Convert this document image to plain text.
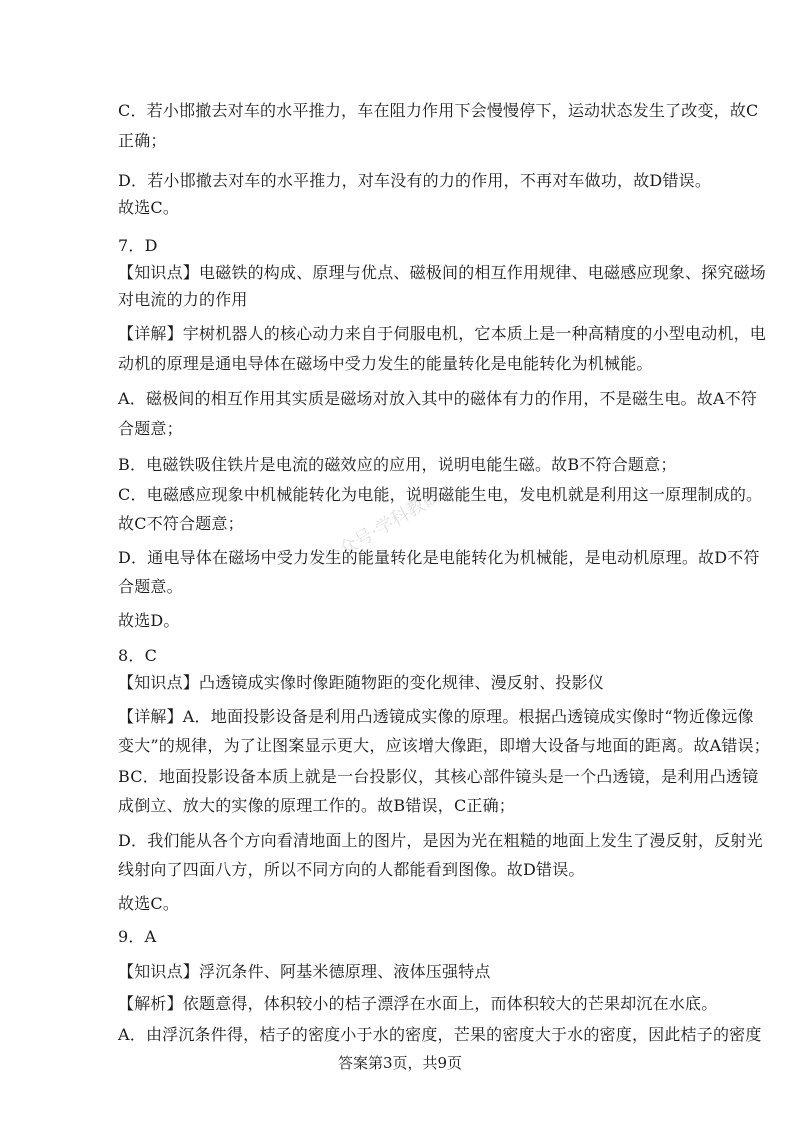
公众号·学科教研
C．若小邯撤去对车的水平推力，车在阻力作用下会慢慢停下，运动状态发生了改变，故C
正确；
D．若小邯撤去对车的水平推力，对车没有的力的作用，不再对车做功，故D错误。
故选C。
7．D
【知识点】电磁铁的构成、原理与优点、磁极间的相互作用规律、电磁感应现象、探究磁场
对电流的力的作用
【详解】宇树机器人的核心动力来自于伺服电机，它本质上是一种高精度的小型电动机，电
动机的原理是通电导体在磁场中受力发生的能量转化是电能转化为机械能。
A．磁极间的相互作用其实质是磁场对放入其中的磁体有力的作用，不是磁生电。故A不符
合题意；
B．电磁铁吸住铁片是电流的磁效应的应用，说明电能生磁。故B不符合题意；
C．电磁感应现象中机械能转化为电能，说明磁能生电，发电机就是利用这一原理制成的。
故C不符合题意；
D．通电导体在磁场中受力发生的能量转化是电能转化为机械能，是电动机原理。故D不符
合题意。
故选D。
8．C
【知识点】凸透镜成实像时像距随物距的变化规律、漫反射、投影仪
【详解】A．地面投影设备是利用凸透镜成实像的原理。根据凸透镜成实像时“物近像远像
变大”的规律，为了让图案显示更大，应该增大像距，即增大设备与地面的距离。故A错误；
BC．地面投影设备本质上就是一台投影仪，其核心部件镜头是一个凸透镜，是利用凸透镜
成倒立、放大的实像的原理工作的。故B错误，C正确；
D．我们能从各个方向看清地面上的图片，是因为光在粗糙的地面上发生了漫反射，反射光
线射向了四面八方，所以不同方向的人都能看到图像。故D错误。
故选C。
9．A
【知识点】浮沉条件、阿基米德原理、液体压强特点
【解析】依题意得，体积较小的桔子漂浮在水面上，而体积较大的芒果却沉在水底。
A．由浮沉条件得，桔子的密度小于水的密度，芒果的密度大于水的密度，因此桔子的密度
答案第3页，共9页
